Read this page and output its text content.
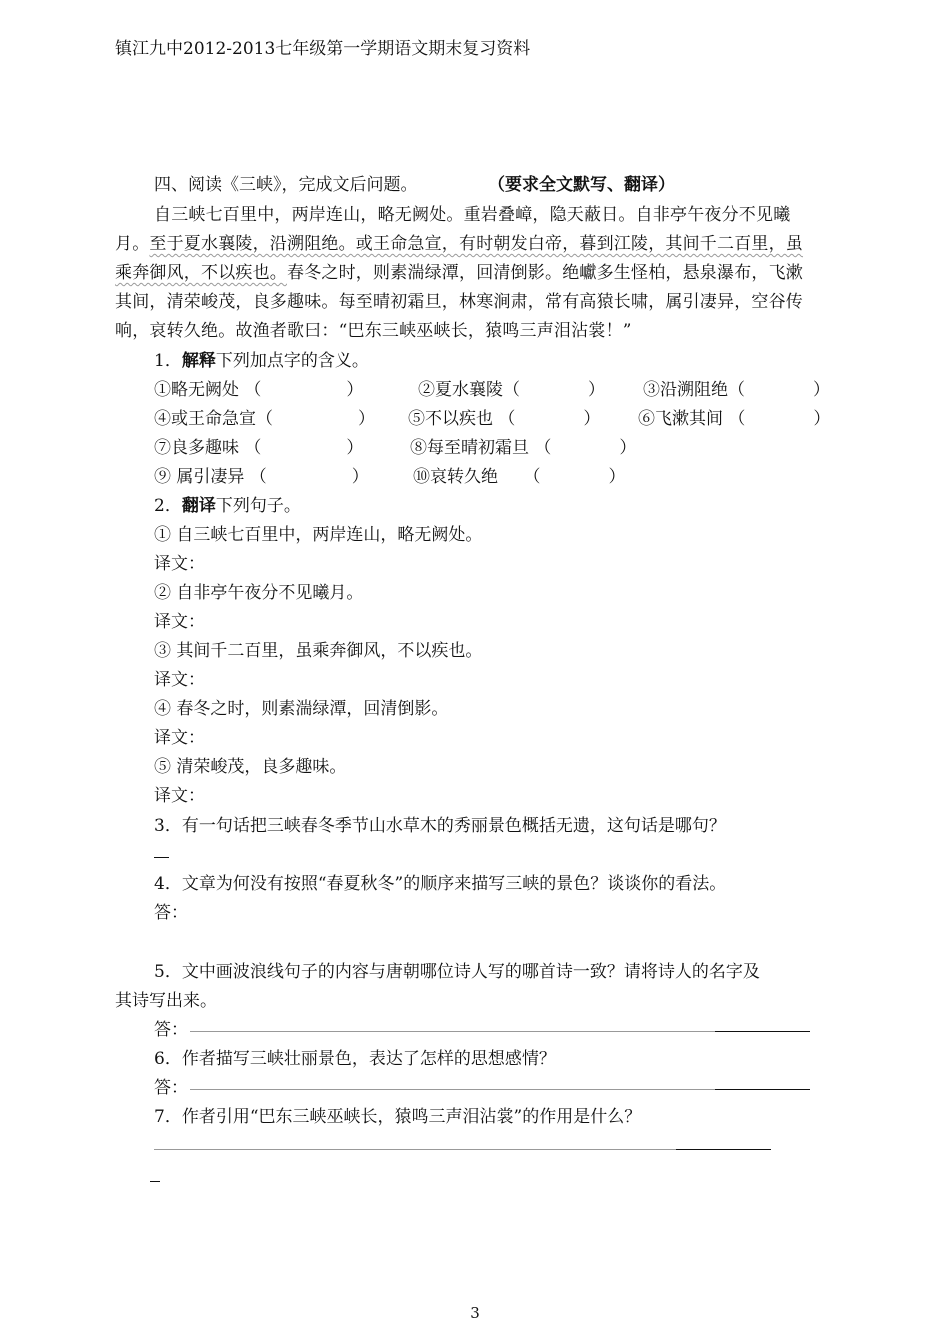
镇江九中2012-2013七年级第一学期语文期末复习资料
四、阅读《三峡》，完成文后问题。	（要求全文默写、翻译）
自三峡七百里中，两岸连山，略无阙处。重岩叠嶂，隐天蔽日。自非亭午夜分不见曦
月。至于夏水襄陵，沿溯阻绝。或王命急宣，有时朝发白帝，暮到江陵，其间千二百里，虽
乘奔御风，不以疾也。春冬之时，则素湍绿潭，回清倒影。绝巘多生怪柏，悬泉瀑布，飞漱
其间，清荣峻茂，良多趣味。每至晴初霜旦，林寒涧肃，常有高猿长啸，属引凄异，空谷传
响，哀转久绝。故渔者歌曰：“巴东三峡巫峡长，猿鸣三声泪沾裳！”
1．解释下列加点字的含义。
①略无阙处 （　　　　　）	②夏水襄陵（　　　　） ③沿溯阻绝（　　　　）
④或王命急宣（　　　　　） ⑤不以疾也 （　　　　） ⑥飞漱其间 （　　　　）
⑦良多趣味 （　　　　　）	⑧每至晴初霜旦 （　　　　）
⑨ 属引凄异 （　　　　　）	⑩哀转久绝　　（　　　　）
2．翻译下列句子。
① 自三峡七百里中，两岸连山，略无阙处。
译文：
② 自非亭午夜分不见曦月。
译文：
③ 其间千二百里，虽乘奔御风，不以疾也。
译文：
④ 春冬之时，则素湍绿潭，回清倒影。
译文：
⑤ 清荣峻茂，良多趣味。
译文：
3．有一句话把三峡春冬季节山水草木的秀丽景色概括无遗，这句话是哪句？
4．文章为何没有按照“春夏秋冬”的顺序来描写三峡的景色？谈谈你的看法。
答：
5．文中画波浪线句子的内容与唐朝哪位诗人写的哪首诗一致？请将诗人的名字及
其诗写出来。
答：
6．作者描写三峡壮丽景色，表达了怎样的思想感情？
答：
7．作者引用“巴东三峡巫峡长，猿鸣三声泪沾裳”的作用是什么？
3
